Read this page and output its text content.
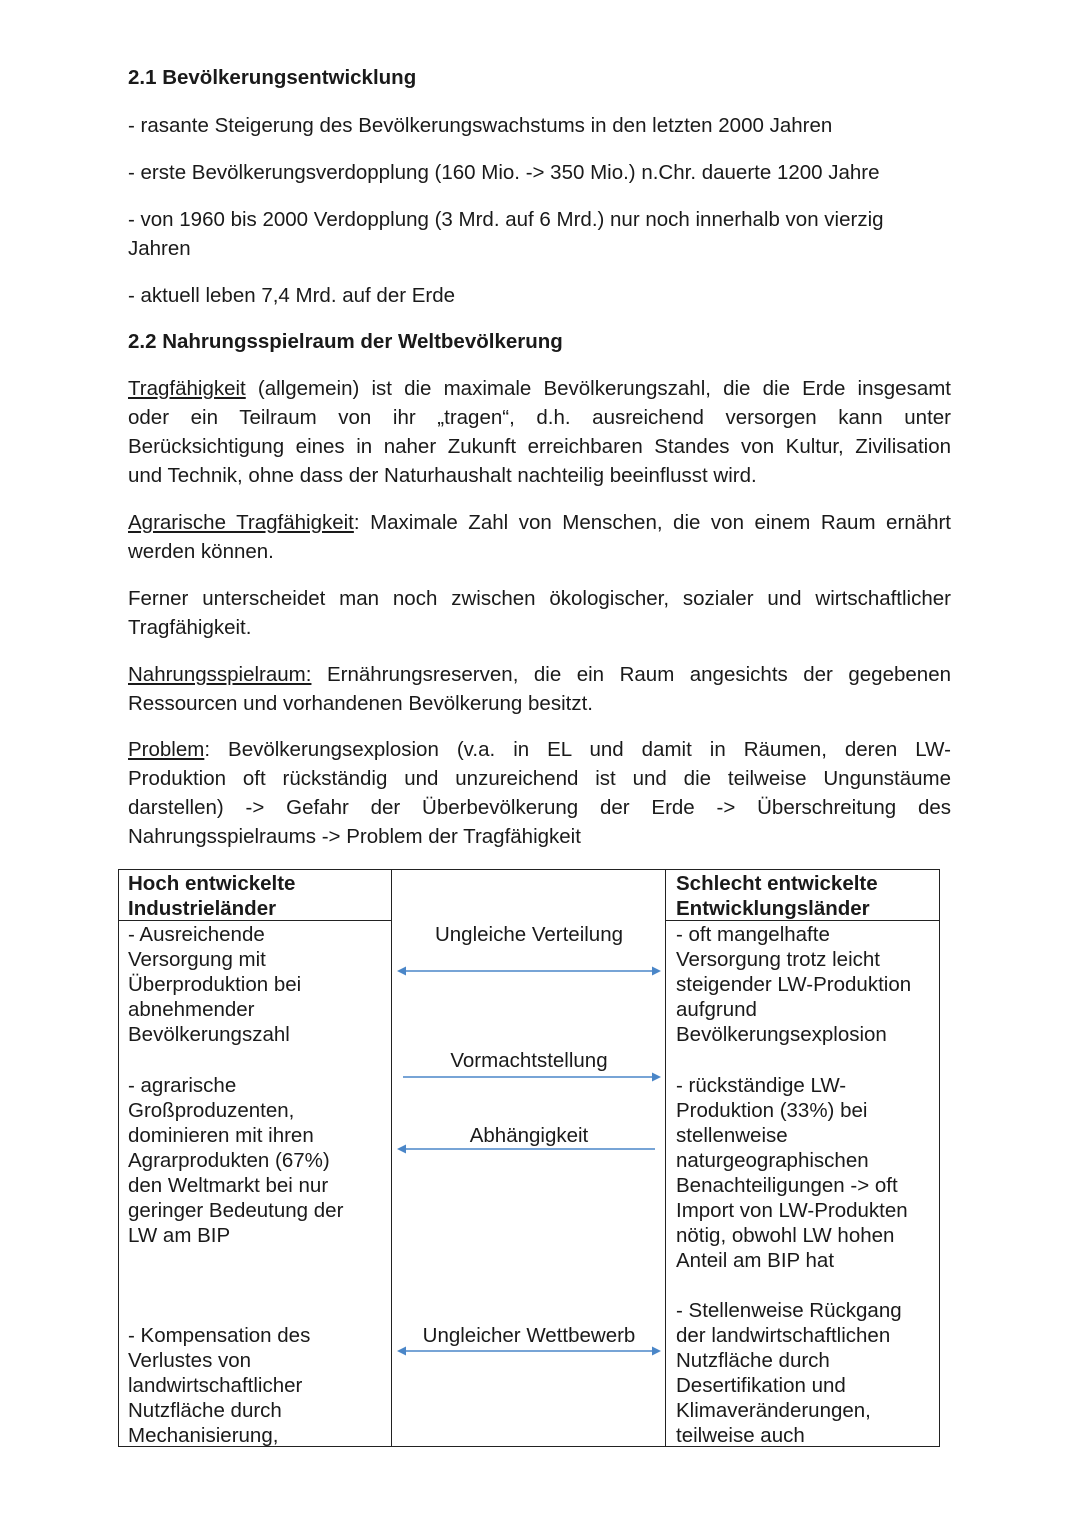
2.1 Bevölkerungsentwicklung

- rasante Steigerung des Bevölkerungswachstums in den letzten 2000 Jahren

- erste Bevölkerungsverdopplung (160 Mio. -> 350 Mio.) n.Chr. dauerte 1200 Jahre

- von 1960 bis 2000 Verdopplung (3 Mrd. auf 6 Mrd.) nur noch innerhalb von vierzig

Jahren

- aktuell leben 7,4 Mrd. auf der Erde

2.2 Nahrungsspielraum der Weltbevölkerung
Tragfähigkeit (allgemein) ist die maximale Bevölkerungszahl, die die Erde insgesamt
oder ein Teilraum von ihr „tragen“, d.h. ausreichend versorgen kann unter
Berücksichtigung eines in naher Zukunft erreichbaren Standes von Kultur, Zivilisation
und Technik, ohne dass der Naturhaushalt nachteilig beeinflusst wird.
Agrarische Tragfähigkeit: Maximale Zahl von Menschen, die von einem Raum ernährt
werden können.
Ferner unterscheidet man noch zwischen ökologischer, sozialer und wirtschaftlicher
Tragfähigkeit.
Nahrungsspielraum: Ernährungsreserven, die ein Raum angesichts der gegebenen
Ressourcen und vorhandenen Bevölkerung besitzt.
Problem: Bevölkerungsexplosion (v.a. in EL und damit in Räumen, deren LW-
Produktion oft rückständig und unzureichend ist und die teilweise Ungunstäume
darstellen) -> Gefahr der Überbevölkerung der Erde -> Überschreitung des
Nahrungsspielraums -> Problem der Tragfähigkeit

Hoch entwickelte
Industrieländer

Schlecht entwickelte
Entwicklungsländer

- Ausreichende
Versorgung mit
Überproduktion bei
abnehmender
Bevölkerungszahl

- agrarische
Großproduzenten,
dominieren mit ihren
Agrarprodukten (67%)
den Weltmarkt bei nur
geringer Bedeutung der
LW am BIP

- Kompensation des
Verlustes von
landwirtschaftlicher
Nutzfläche durch
Mechanisierung,

- oft mangelhafte
Versorgung trotz leicht
steigender LW-Produktion
aufgrund
Bevölkerungsexplosion

- rückständige LW-
Produktion (33%) bei
stellenweise
naturgeographischen
Benachteiligungen -> oft
Import von LW-Produkten
nötig, obwohl LW hohen
Anteil am BIP hat

- Stellenweise Rückgang
der landwirtschaftlichen
Nutzfläche durch
Desertifikation und
Klimaveränderungen,
teilweise auch

Ungleiche Verteilung

Vormachtstellung

Abhängigkeit

Ungleicher Wettbewerb
